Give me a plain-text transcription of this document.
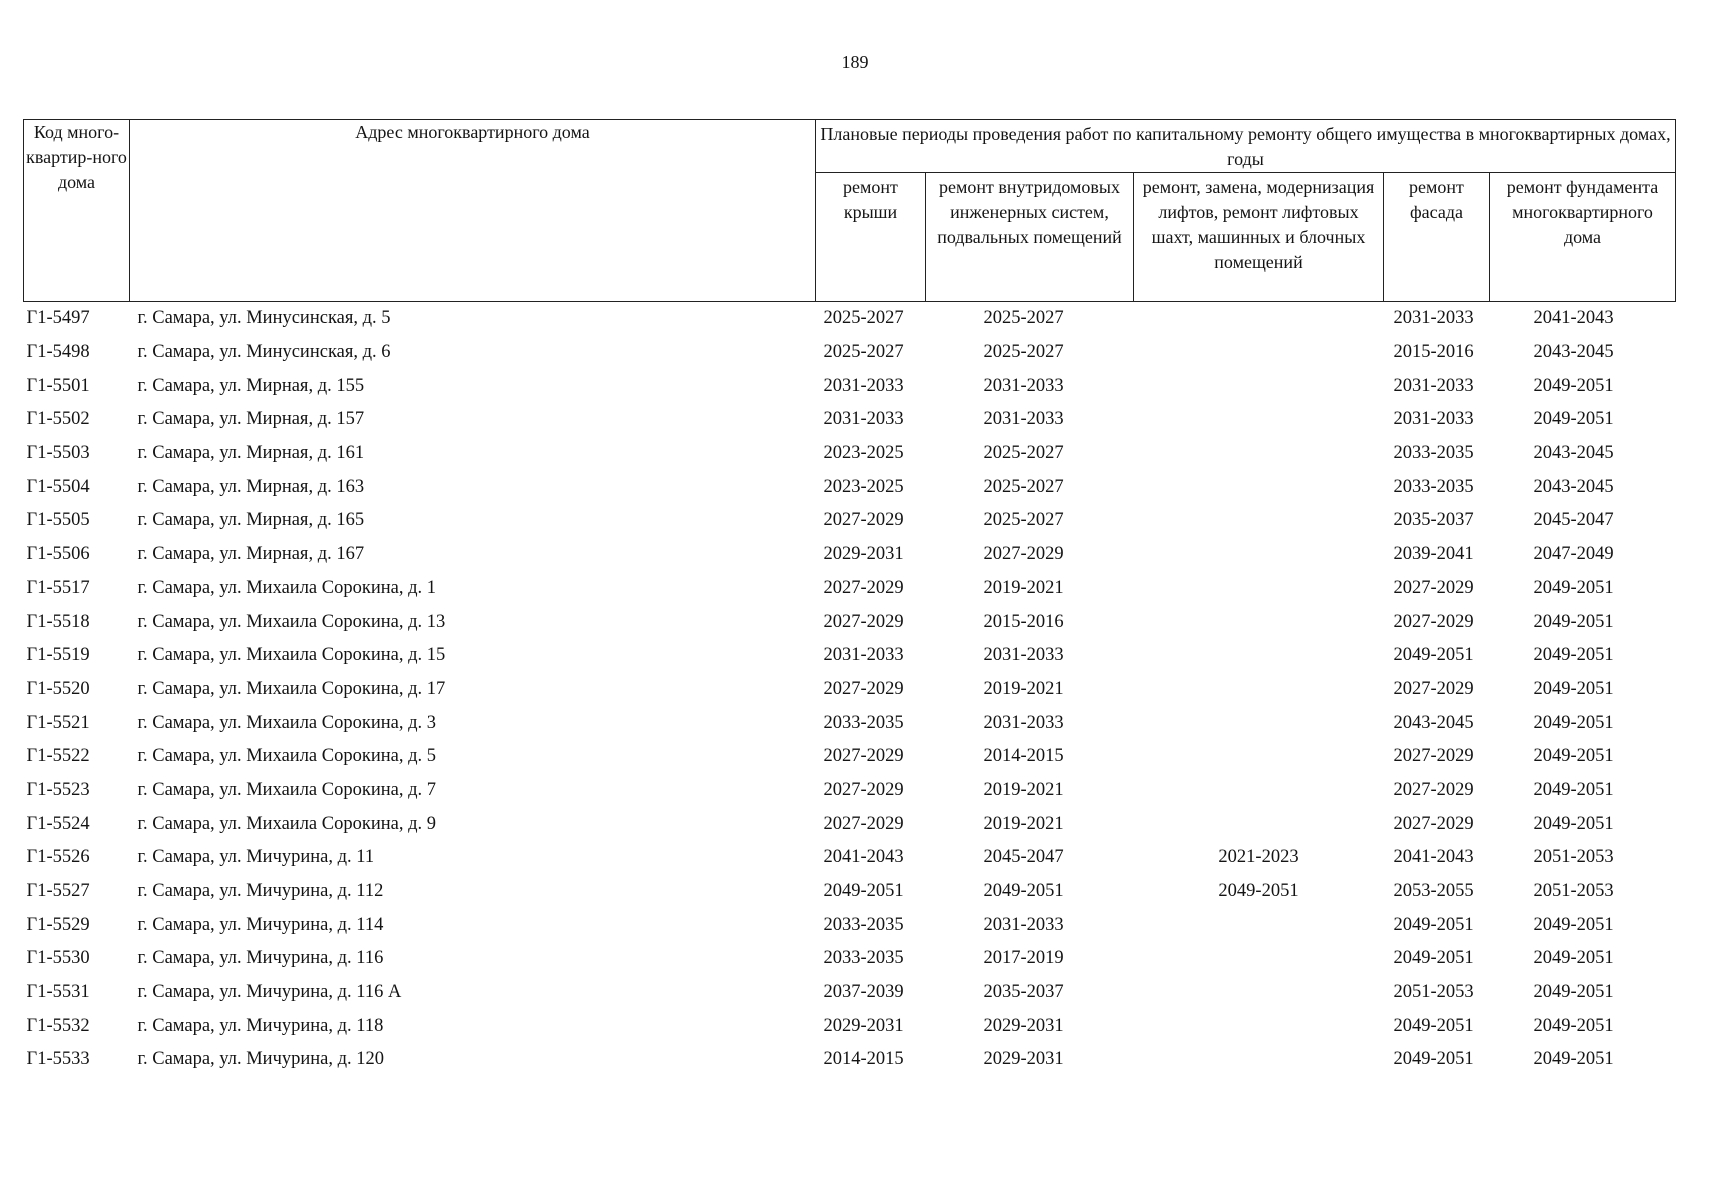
189
Код много-квартир-ного дома	Адрес многоквартирного дома	Плановые периоды проведения работ по капитальному ремонту общего имущества в многоквартирных домах, годы				
		ремонт крыши	ремонт внутридомовых инженерных систем, подвальных помещений	ремонт, замена, модернизация лифтов, ремонт лифтовых шахт, машинных и блочных помещений	ремонт фасада	ремонт фундамента многоквартирного дома
Г1-5497	г. Самара, ул. Минусинская, д. 5	2025-2027	2025-2027		2031-2033	2041-2043
Г1-5498	г. Самара, ул. Минусинская, д. 6	2025-2027	2025-2027		2015-2016	2043-2045
Г1-5501	г. Самара, ул. Мирная, д. 155	2031-2033	2031-2033		2031-2033	2049-2051
Г1-5502	г. Самара, ул. Мирная, д. 157	2031-2033	2031-2033		2031-2033	2049-2051
Г1-5503	г. Самара, ул. Мирная, д. 161	2023-2025	2025-2027		2033-2035	2043-2045
Г1-5504	г. Самара, ул. Мирная, д. 163	2023-2025	2025-2027		2033-2035	2043-2045
Г1-5505	г. Самара, ул. Мирная, д. 165	2027-2029	2025-2027		2035-2037	2045-2047
Г1-5506	г. Самара, ул. Мирная, д. 167	2029-2031	2027-2029		2039-2041	2047-2049
Г1-5517	г. Самара, ул. Михаила Сорокина, д. 1	2027-2029	2019-2021		2027-2029	2049-2051
Г1-5518	г. Самара, ул. Михаила Сорокина, д. 13	2027-2029	2015-2016		2027-2029	2049-2051
Г1-5519	г. Самара, ул. Михаила Сорокина, д. 15	2031-2033	2031-2033		2049-2051	2049-2051
Г1-5520	г. Самара, ул. Михаила Сорокина, д. 17	2027-2029	2019-2021		2027-2029	2049-2051
Г1-5521	г. Самара, ул. Михаила Сорокина, д. 3	2033-2035	2031-2033		2043-2045	2049-2051
Г1-5522	г. Самара, ул. Михаила Сорокина, д. 5	2027-2029	2014-2015		2027-2029	2049-2051
Г1-5523	г. Самара, ул. Михаила Сорокина, д. 7	2027-2029	2019-2021		2027-2029	2049-2051
Г1-5524	г. Самара, ул. Михаила Сорокина, д. 9	2027-2029	2019-2021		2027-2029	2049-2051
Г1-5526	г. Самара, ул. Мичурина, д. 11	2041-2043	2045-2047	2021-2023	2041-2043	2051-2053
Г1-5527	г. Самара, ул. Мичурина, д. 112	2049-2051	2049-2051	2049-2051	2053-2055	2051-2053
Г1-5529	г. Самара, ул. Мичурина, д. 114	2033-2035	2031-2033		2049-2051	2049-2051
Г1-5530	г. Самара, ул. Мичурина, д. 116	2033-2035	2017-2019		2049-2051	2049-2051
Г1-5531	г. Самара, ул. Мичурина, д. 116 А	2037-2039	2035-2037		2051-2053	2049-2051
Г1-5532	г. Самара, ул. Мичурина, д. 118	2029-2031	2029-2031		2049-2051	2049-2051
Г1-5533	г. Самара, ул. Мичурина, д. 120	2014-2015	2029-2031		2049-2051	2049-2051
